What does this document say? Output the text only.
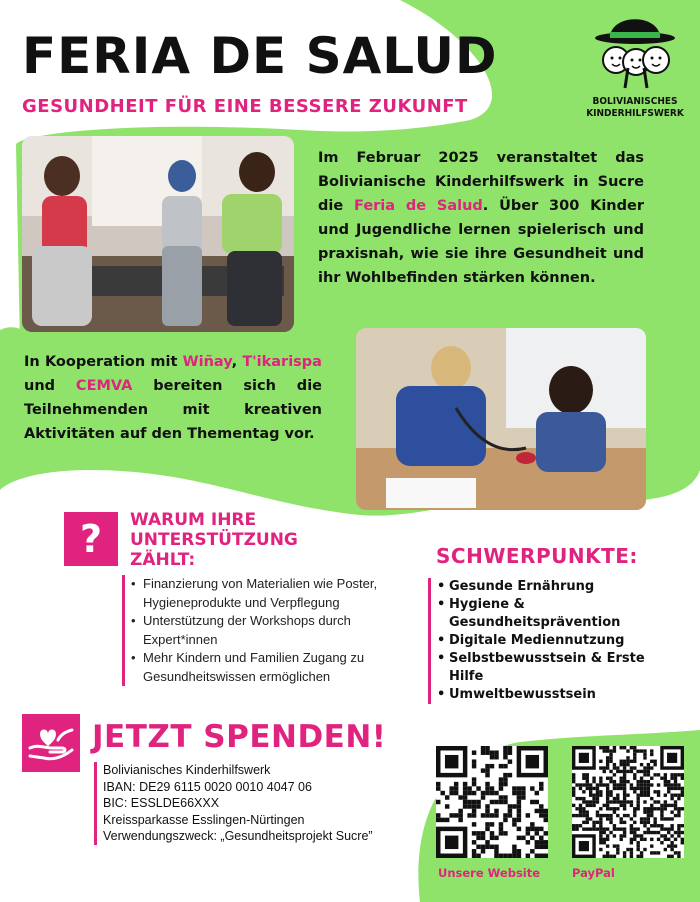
FERIA DE SALUD
GESUNDHEIT FÜR EINE BESSERE ZUKUNFT	BOLIVIANISCHES
KINDERHILFSWERK
Im Februar 2025 veranstaltet das Bolivianische Kinderhilfswerk in Sucre die Feria de Salud. Über 300 Kinder und Jugendliche lernen spielerisch und praxisnah, wie sie ihre Gesundheit und ihr Wohlbefinden stärken können.
In Kooperation mit Wiñay, T'ikarispa und CEMVA bereiten sich die Teilnehmenden mit kreativen Aktivitäten auf den Thementag vor.
?	WARUM IHRE
UNTERSTÜTZUNG
ZÄHLT:
• Finanzierung von Materialien wie Poster, Hygieneprodukte und Verpflegung
• Unterstützung der Workshops durch Expert*innen
• Mehr Kindern und Familien Zugang zu Gesundheitswissen ermöglichen
SCHWERPUNKTE:
• Gesunde Ernährung
• Hygiene & Gesundheitsprävention
• Digitale Mediennutzung
• Selbstbewusstsein & Erste Hilfe
• Umweltbewusstsein
JETZT SPENDEN!
Bolivianisches Kinderhilfswerk
IBAN: DE29 6115 0020 0010 4047 06
BIC: ESSLDE66XXX
Kreissparkasse Esslingen-Nürtingen
Verwendungszweck: „Gesundheitsprojekt Sucre”
Unsere Website	PayPal
